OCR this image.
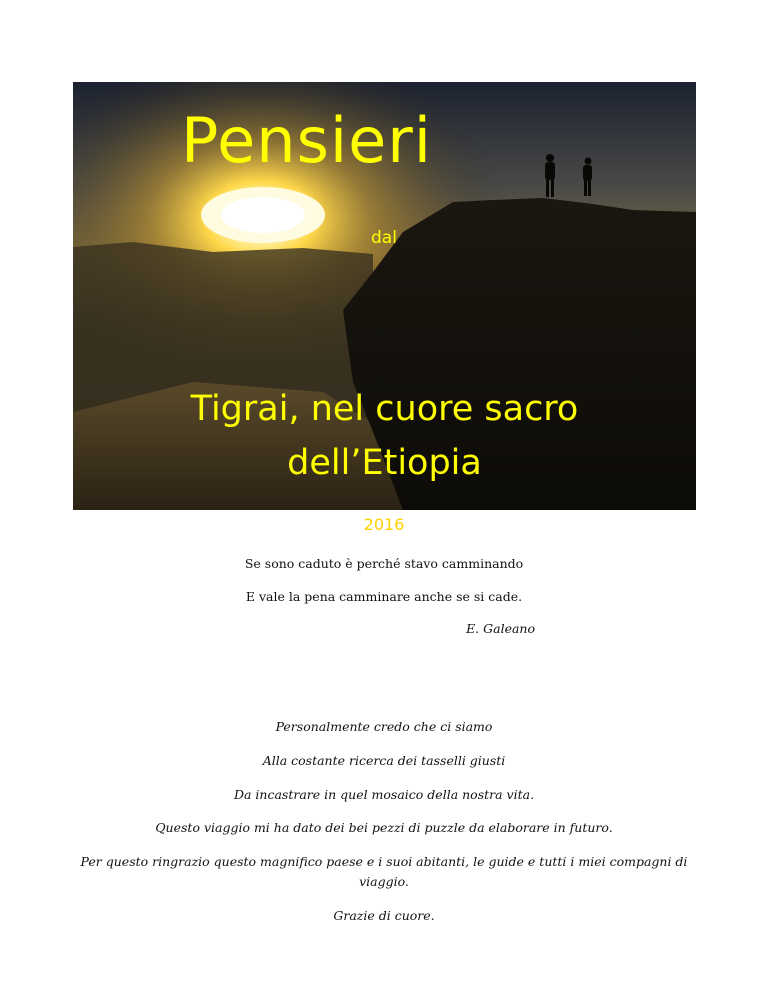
Pensieri
dal
Tigrai, nel cuore sacro
dell’Etiopia
2016
Se sono caduto è perché stavo camminando
E vale la pena camminare anche se si cade.
E. Galeano
Personalmente credo che ci siamo
Alla costante ricerca dei tasselli giusti
Da incastrare in quel mosaico della nostra vita.
Questo viaggio mi ha dato dei bei pezzi di puzzle da elaborare in futuro.
Per questo ringrazio questo magnifico paese e i suoi abitanti, le guide e tutti i miei compagni di viaggio.
Grazie di cuore.
